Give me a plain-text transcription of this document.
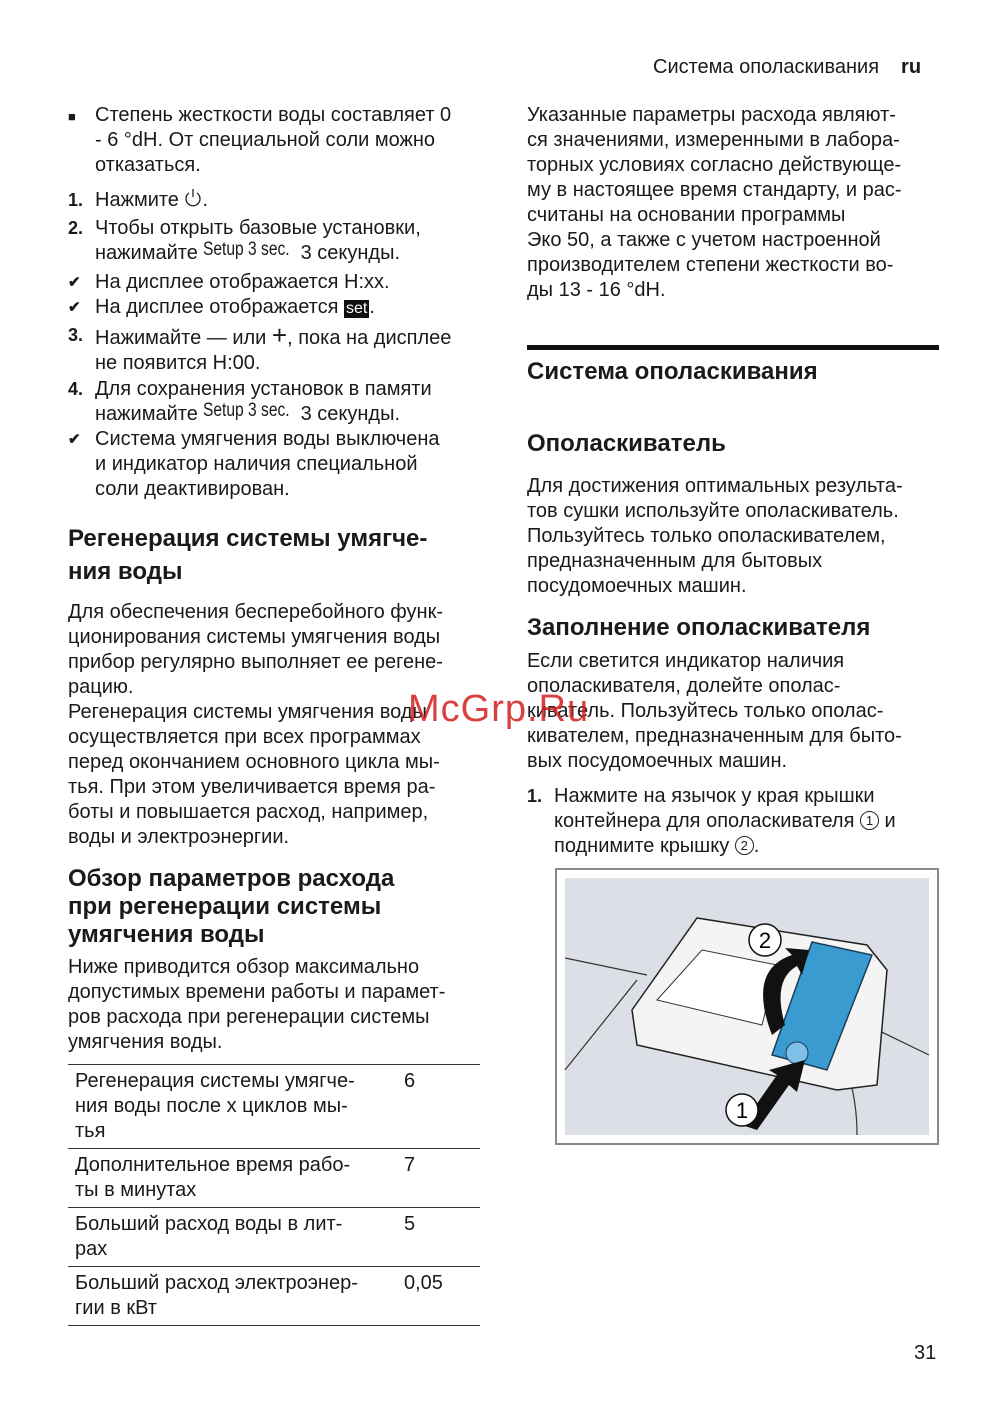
Система ополаскивания ru
■ Степень жесткости воды составляет 0
- 6 °dH. От специальной соли можно
отказаться.
1. Нажмите .
2. Чтобы открыть базовые установки,
нажимайте Setup 3 sec. 3 секунды.
✔ На дисплее отображается H:xx.
✔ На дисплее отображается set .
3. Нажимайте — или +, пока на дисплее
не появится H:00.
4. Для сохранения установок в памяти
нажимайте Setup 3 sec. 3 секунды.
✔ Система умягчения воды выключена
и индикатор наличия специальной
соли деактивирован.
Регенерация системы умягче-
ния воды
Для обеспечения бесперебойного функ-
ционирования системы умягчения воды
прибор регулярно выполняет ее регене-
рацию.
Регенерация системы умягчения воды
осуществляется при всех программах
перед окончанием основного цикла мы-
тья. При этом увеличивается время ра-
боты и повышается расход, например,
воды и электроэнергии.
Обзор параметров расхода
при регенерации системы
умягчения воды
Ниже приводится обзор максимально
допустимых времени работы и парамет-
ров расхода при регенерации системы
умягчения воды.
Регенерация системы умягче-
ния воды после x циклов мы-
тья	6
Дополнительное время рабо-
ты в минутах	7
Больший расход воды в лит-
рах	5
Больший расход электроэнер-
гии в кВт	0,05
Указанные параметры расхода являют-
ся значениями, измеренными в лабора-
торных условиях согласно действующе-
му в настоящее время стандарту, и рас-
считаны на основании программы
Эко 50, а также с учетом настроенной
производителем степени жесткости во-
ды 13 - 16 °dH.
Система ополаскивания
Ополаскиватель
Для достижения оптимальных результа-
тов сушки используйте ополаскиватель.
Пользуйтесь только ополаскивателем,
предназначенным для бытовых
посудомоечных машин.
Заполнение ополаскивателя
Если светится индикатор наличия
ополаскивателя, долейте ополас-
киватель. Пользуйтесь только ополас-
кивателем, предназначенным для быто-
вых посудомоечных машин.
1. Нажмите на язычок у края крышки
контейнера для ополаскивателя 1 и
поднимите крышку 2 .
2
1
McGrp.Ru
31
